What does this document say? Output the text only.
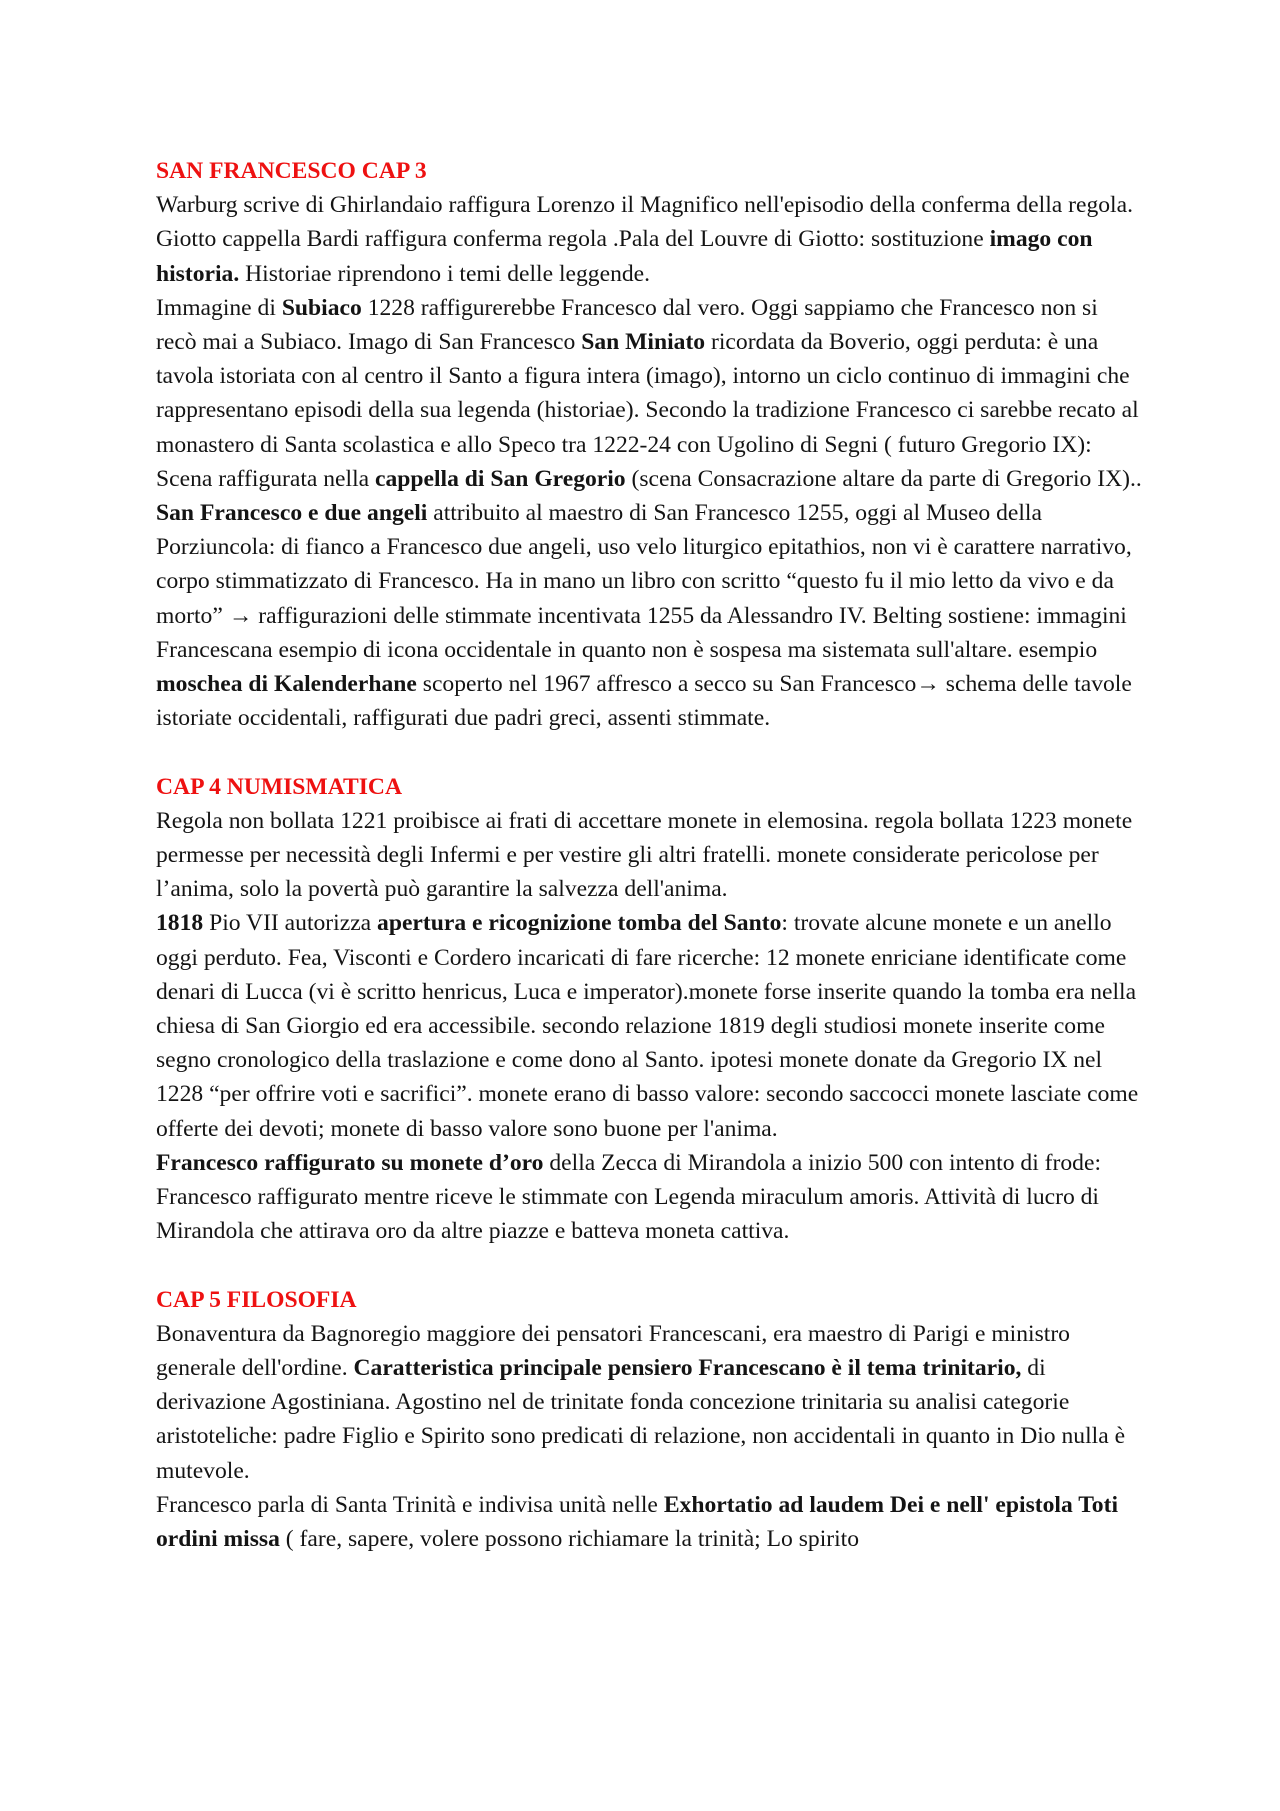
SAN FRANCESCO CAP 3

Warburg scrive di Ghirlandaio raffigura Lorenzo il Magnifico nell'episodio della conferma della regola. Giotto cappella Bardi raffigura conferma regola .Pala del Louvre di Giotto: sostituzione imago con historia. Historiae riprendono i temi delle leggende.

Immagine di Subiaco 1228 raffigurerebbe Francesco dal vero. Oggi sappiamo che Francesco non si recò mai a Subiaco. Imago di San Francesco San Miniato ricordata da Boverio, oggi perduta: è una tavola istoriata con al centro il Santo a figura intera (imago), intorno un ciclo continuo di immagini che rappresentano episodi della sua legenda (historiae). Secondo la tradizione Francesco ci sarebbe recato al monastero di Santa scolastica e allo Speco tra 1222-24 con Ugolino di Segni ( futuro Gregorio IX): Scena raffigurata nella cappella di San Gregorio (scena Consacrazione altare da parte di Gregorio IX)..

San Francesco e due angeli attribuito al maestro di San Francesco 1255, oggi al Museo della Porziuncola: di fianco a Francesco due angeli, uso velo liturgico epitathios, non vi è carattere narrativo, corpo stimmatizzato di Francesco. Ha in mano un libro con scritto “questo fu il mio letto da vivo e da morto” → raffigurazioni delle stimmate incentivata 1255 da Alessandro IV. Belting sostiene: immagini Francescana esempio di icona occidentale in quanto non è sospesa ma sistemata sull'altare. esempio moschea di Kalenderhane scoperto nel 1967 affresco a secco su San Francesco→ schema delle tavole istoriate occidentali, raffigurati due padri greci, assenti stimmate.

CAP 4 NUMISMATICA

Regola non bollata 1221 proibisce ai frati di accettare monete in elemosina. regola bollata 1223 monete permesse per necessità degli Infermi e per vestire gli altri fratelli. monete considerate pericolose per l’anima, solo la povertà può garantire la salvezza dell'anima.

1818 Pio VII autorizza apertura e ricognizione tomba del Santo: trovate alcune monete e un anello oggi perduto. Fea, Visconti e Cordero incaricati di fare ricerche: 12 monete enriciane identificate come denari di Lucca (vi è scritto henricus, Luca e imperator).monete forse inserite quando la tomba era nella chiesa di San Giorgio ed era accessibile. secondo relazione 1819 degli studiosi monete inserite come segno cronologico della traslazione e come dono al Santo. ipotesi monete donate da Gregorio IX nel 1228 “per offrire voti e sacrifici”. monete erano di basso valore: secondo saccocci monete lasciate come offerte dei devoti; monete di basso valore sono buone per l'anima.

Francesco raffigurato su monete d’oro della Zecca di Mirandola a inizio 500 con intento di frode: Francesco raffigurato mentre riceve le stimmate con Legenda miraculum amoris. Attività di lucro di Mirandola che attirava oro da altre piazze e batteva moneta cattiva.

CAP 5 FILOSOFIA

Bonaventura da Bagnoregio maggiore dei pensatori Francescani, era maestro di Parigi e ministro generale dell'ordine. Caratteristica principale pensiero Francescano è il tema trinitario, di derivazione Agostiniana. Agostino nel de trinitate fonda concezione trinitaria su analisi categorie aristoteliche: padre Figlio e Spirito sono predicati di relazione, non accidentali in quanto in Dio nulla è mutevole.

Francesco parla di Santa Trinità e indivisa unità nelle Exhortatio ad laudem Dei e nell' epistola Toti ordini missa ( fare, sapere, volere possono richiamare la trinità; Lo spirito
